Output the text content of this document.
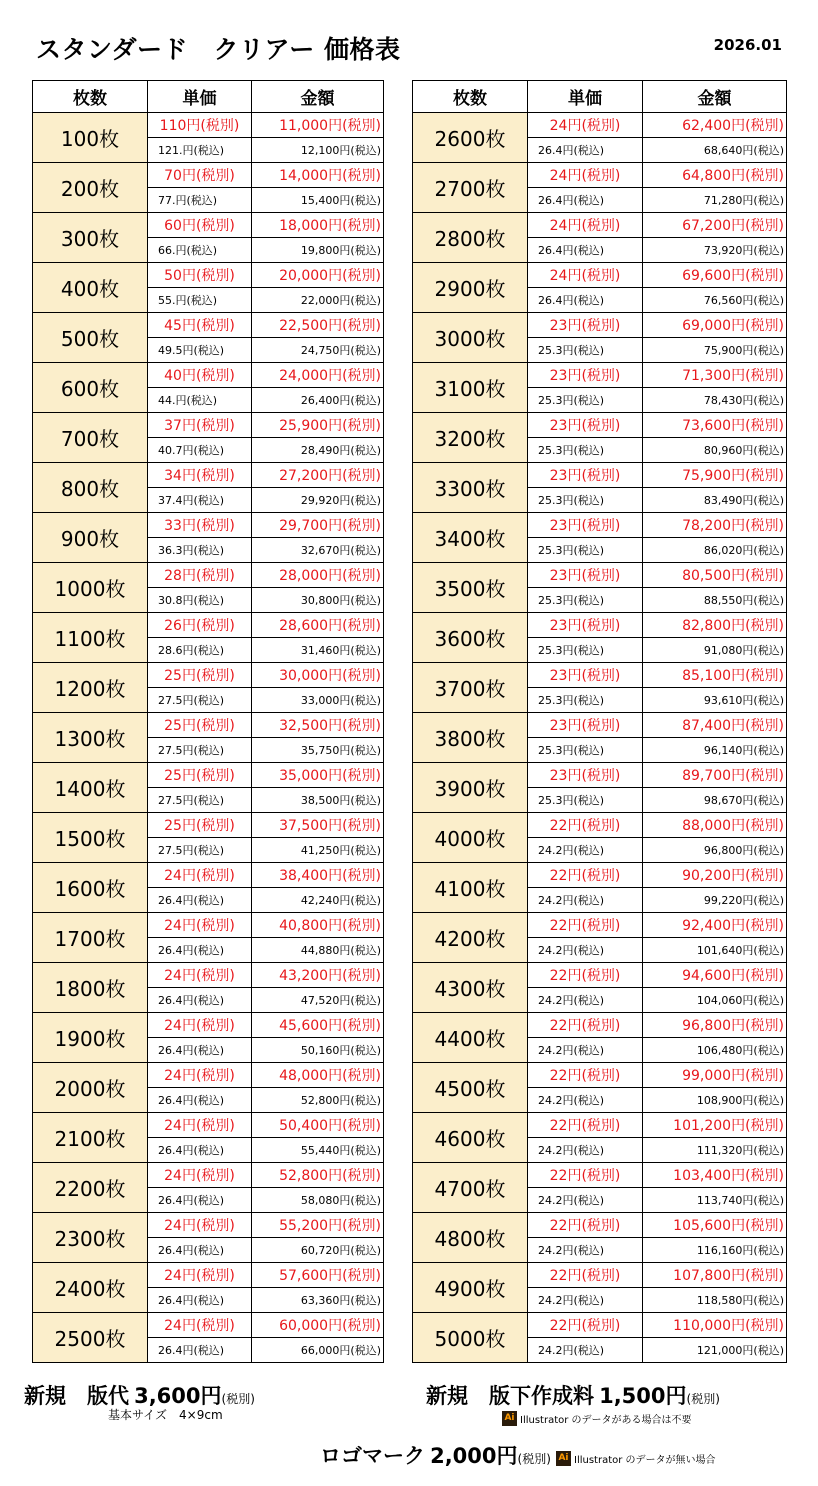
スタンダード　クリアー 価格表	2026.01
枚数	単価	金額
100枚	110円(税別)	11,000円(税別)
	121.円(税込)	12,100円(税込)
200枚	70円(税別)	14,000円(税別)
	77.円(税込)	15,400円(税込)
300枚	60円(税別)	18,000円(税別)
	66.円(税込)	19,800円(税込)
400枚	50円(税別)	20,000円(税別)
	55.円(税込)	22,000円(税込)
500枚	45円(税別)	22,500円(税別)
	49.5円(税込)	24,750円(税込)
600枚	40円(税別)	24,000円(税別)
	44.円(税込)	26,400円(税込)
700枚	37円(税別)	25,900円(税別)
	40.7円(税込)	28,490円(税込)
800枚	34円(税別)	27,200円(税別)
	37.4円(税込)	29,920円(税込)
900枚	33円(税別)	29,700円(税別)
	36.3円(税込)	32,670円(税込)
1000枚	28円(税別)	28,000円(税別)
	30.8円(税込)	30,800円(税込)
1100枚	26円(税別)	28,600円(税別)
	28.6円(税込)	31,460円(税込)
1200枚	25円(税別)	30,000円(税別)
	27.5円(税込)	33,000円(税込)
1300枚	25円(税別)	32,500円(税別)
	27.5円(税込)	35,750円(税込)
1400枚	25円(税別)	35,000円(税別)
	27.5円(税込)	38,500円(税込)
1500枚	25円(税別)	37,500円(税別)
	27.5円(税込)	41,250円(税込)
1600枚	24円(税別)	38,400円(税別)
	26.4円(税込)	42,240円(税込)
1700枚	24円(税別)	40,800円(税別)
	26.4円(税込)	44,880円(税込)
1800枚	24円(税別)	43,200円(税別)
	26.4円(税込)	47,520円(税込)
1900枚	24円(税別)	45,600円(税別)
	26.4円(税込)	50,160円(税込)
2000枚	24円(税別)	48,000円(税別)
	26.4円(税込)	52,800円(税込)
2100枚	24円(税別)	50,400円(税別)
	26.4円(税込)	55,440円(税込)
2200枚	24円(税別)	52,800円(税別)
	26.4円(税込)	58,080円(税込)
2300枚	24円(税別)	55,200円(税別)
	26.4円(税込)	60,720円(税込)
2400枚	24円(税別)	57,600円(税別)
	26.4円(税込)	63,360円(税込)
2500枚	24円(税別)	60,000円(税別)
	26.4円(税込)	66,000円(税込)
枚数	単価	金額
2600枚	24円(税別)	62,400円(税別)
	26.4円(税込)	68,640円(税込)
2700枚	24円(税別)	64,800円(税別)
	26.4円(税込)	71,280円(税込)
2800枚	24円(税別)	67,200円(税別)
	26.4円(税込)	73,920円(税込)
2900枚	24円(税別)	69,600円(税別)
	26.4円(税込)	76,560円(税込)
3000枚	23円(税別)	69,000円(税別)
	25.3円(税込)	75,900円(税込)
3100枚	23円(税別)	71,300円(税別)
	25.3円(税込)	78,430円(税込)
3200枚	23円(税別)	73,600円(税別)
	25.3円(税込)	80,960円(税込)
3300枚	23円(税別)	75,900円(税別)
	25.3円(税込)	83,490円(税込)
3400枚	23円(税別)	78,200円(税別)
	25.3円(税込)	86,020円(税込)
3500枚	23円(税別)	80,500円(税別)
	25.3円(税込)	88,550円(税込)
3600枚	23円(税別)	82,800円(税別)
	25.3円(税込)	91,080円(税込)
3700枚	23円(税別)	85,100円(税別)
	25.3円(税込)	93,610円(税込)
3800枚	23円(税別)	87,400円(税別)
	25.3円(税込)	96,140円(税込)
3900枚	23円(税別)	89,700円(税別)
	25.3円(税込)	98,670円(税込)
4000枚	22円(税別)	88,000円(税別)
	24.2円(税込)	96,800円(税込)
4100枚	22円(税別)	90,200円(税別)
	24.2円(税込)	99,220円(税込)
4200枚	22円(税別)	92,400円(税別)
	24.2円(税込)	101,640円(税込)
4300枚	22円(税別)	94,600円(税別)
	24.2円(税込)	104,060円(税込)
4400枚	22円(税別)	96,800円(税別)
	24.2円(税込)	106,480円(税込)
4500枚	22円(税別)	99,000円(税別)
	24.2円(税込)	108,900円(税込)
4600枚	22円(税別)	101,200円(税別)
	24.2円(税込)	111,320円(税込)
4700枚	22円(税別)	103,400円(税別)
	24.2円(税込)	113,740円(税込)
4800枚	22円(税別)	105,600円(税別)
	24.2円(税込)	116,160円(税込)
4900枚	22円(税別)	107,800円(税別)
	24.2円(税込)	118,580円(税込)
5000枚	22円(税別)	110,000円(税別)
	24.2円(税込)	121,000円(税込)
新規　版代 3,600円(税別)
基本サイズ　4×9cm
新規　版下作成料 1,500円(税別)
Ai Illustrator のデータがある場合は不要
ロゴマーク 2,000円(税別) Ai Illustrator のデータが無い場合
